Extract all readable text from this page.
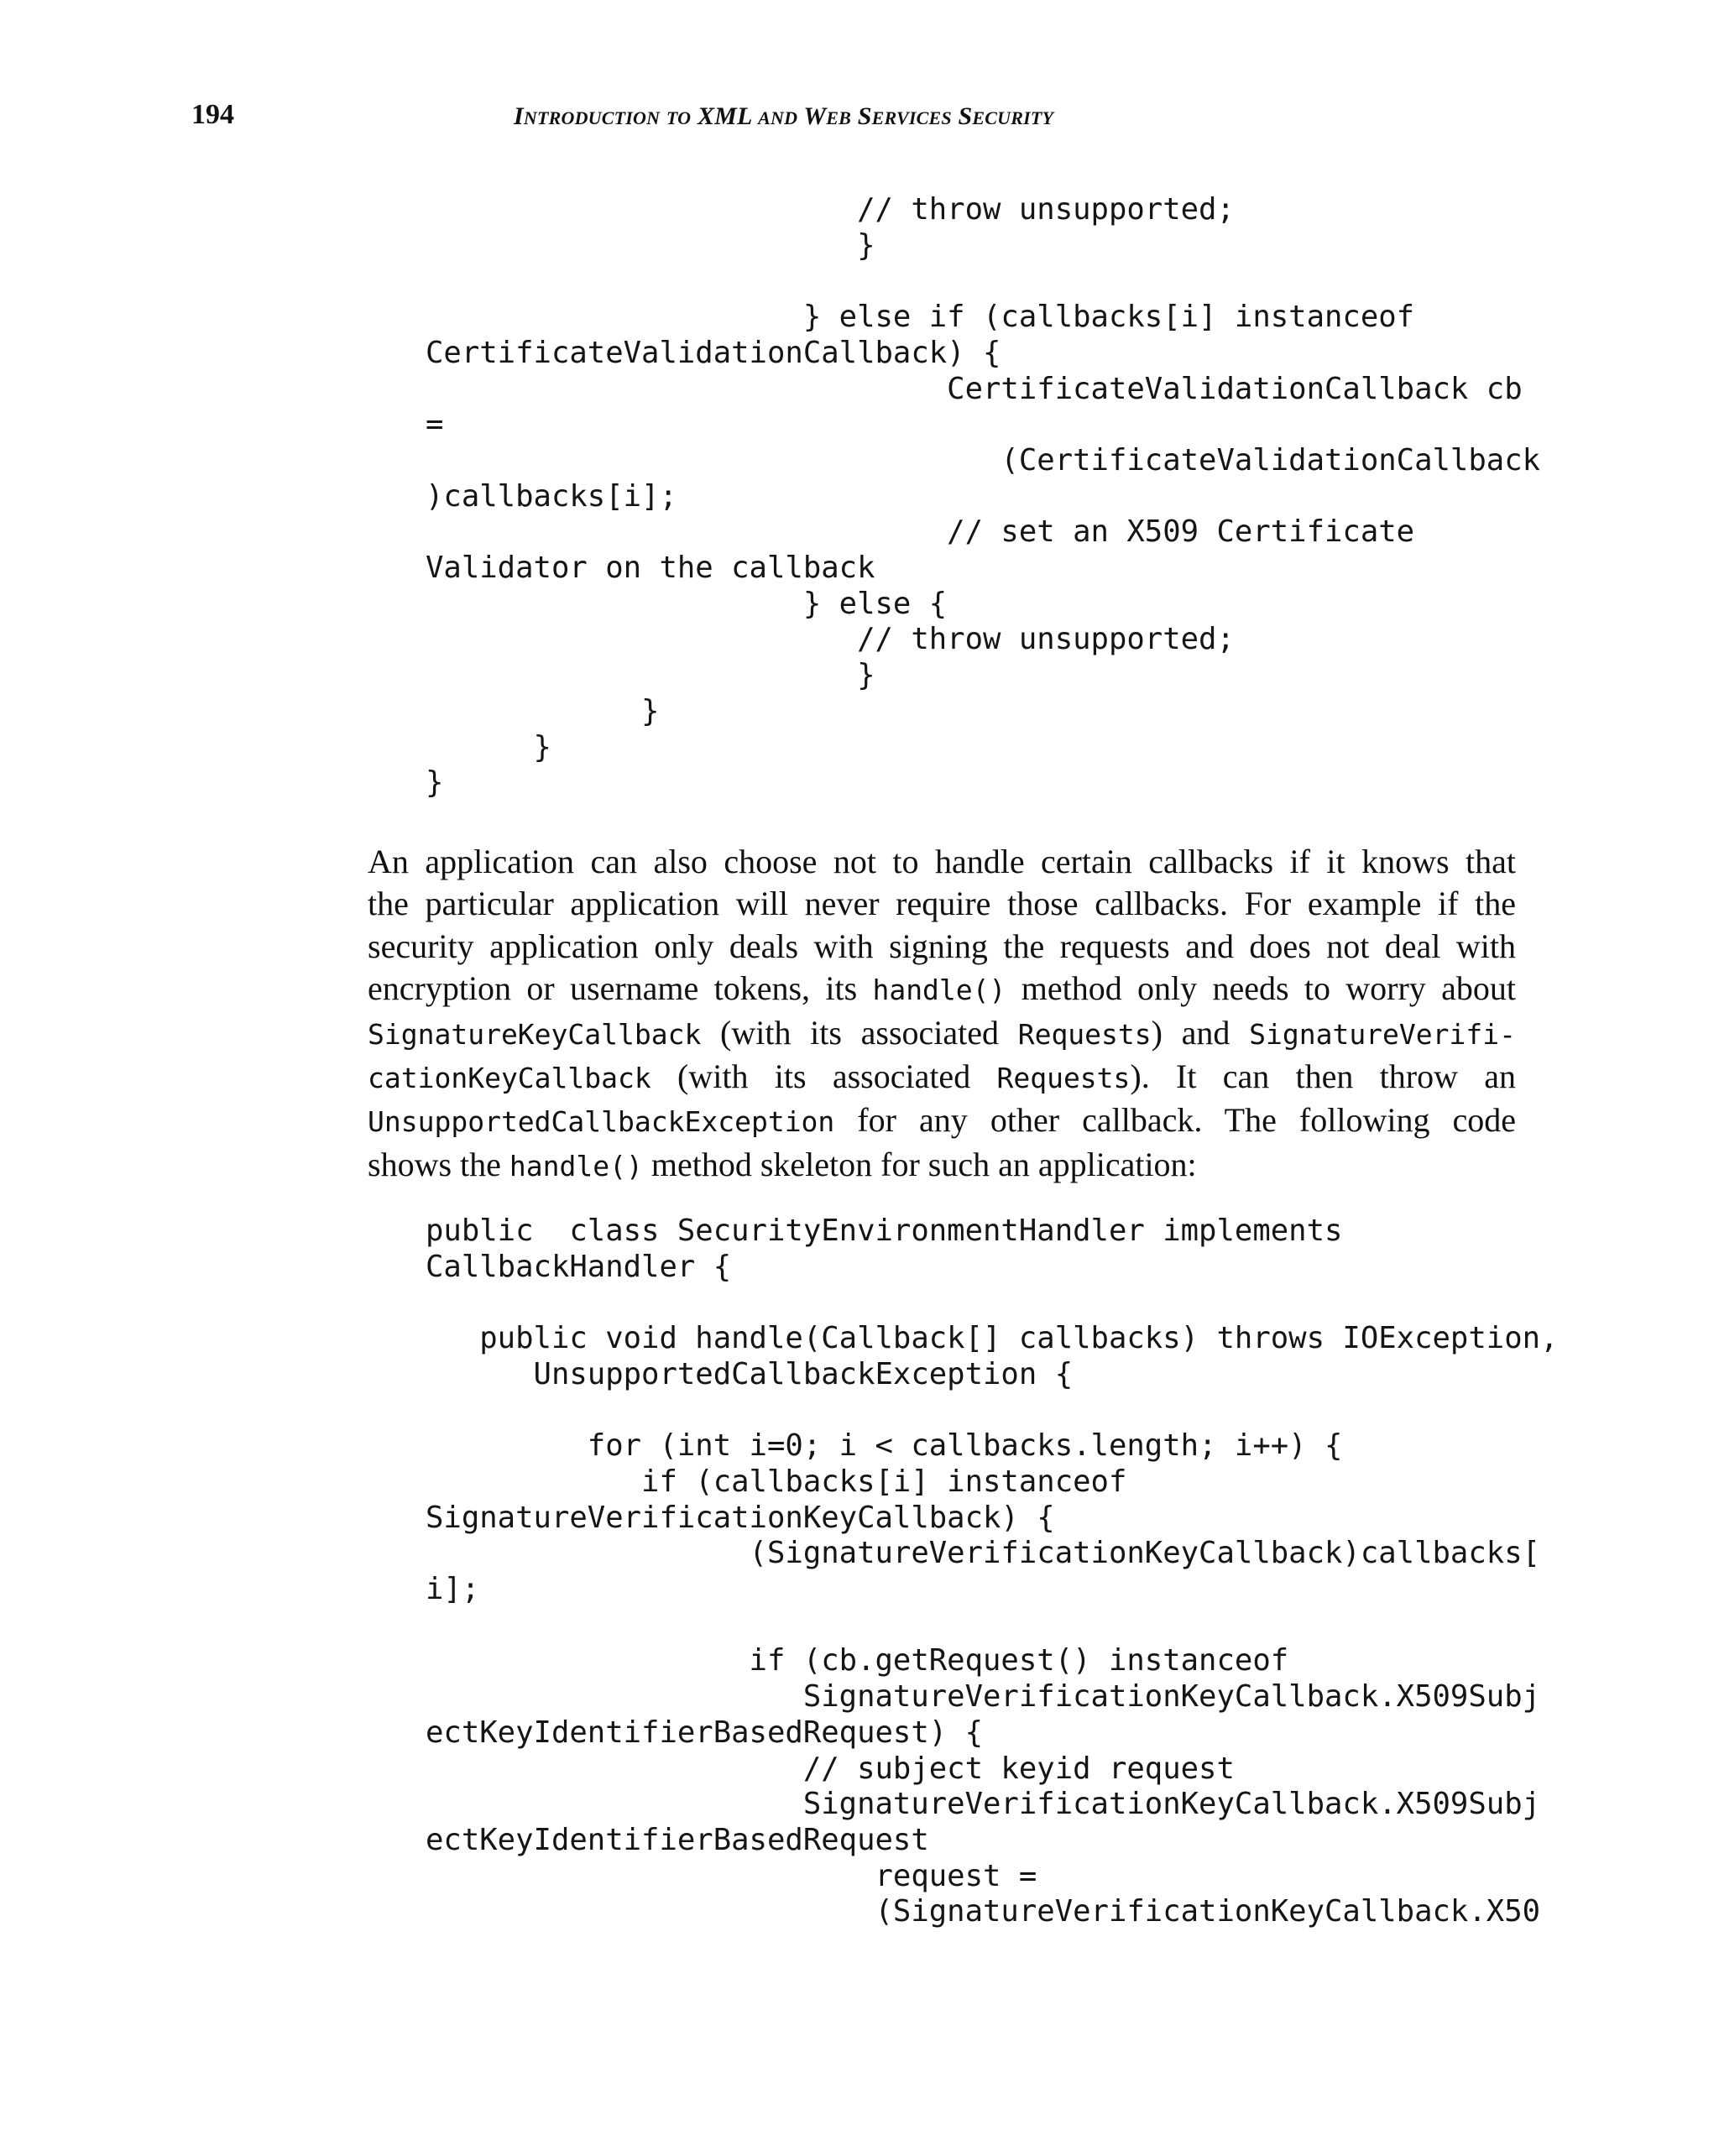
194	INTRODUCTION TO XML AND WEB SERVICES SECURITY
// throw unsupported;
}

} else if (callbacks[i] instanceof
CertificateValidationCallback) {
CertificateValidationCallback cb
=
(CertificateValidationCallback
)callbacks[i];
// set an X509 Certificate
Validator on the callback
} else {
// throw unsupported;
}
}
}
}
An application can also choose not to handle certain callbacks if it knows that
the particular application will never require those callbacks. For example if the
security application only deals with signing the requests and does not deal with
encryption or username tokens, its handle() method only needs to worry about
SignatureKeyCallback (with its associated Requests) and SignatureVerifi-
cationKeyCallback (with its associated Requests). It can then throw an
UnsupportedCallbackException for any other callback. The following code
shows the handle() method skeleton for such an application:
public  class SecurityEnvironmentHandler implements
CallbackHandler {

public void handle(Callback[] callbacks) throws IOException,
UnsupportedCallbackException {

for (int i=0; i < callbacks.length; i++) {
if (callbacks[i] instanceof
SignatureVerificationKeyCallback) {
(SignatureVerificationKeyCallback)callbacks[
i];

if (cb.getRequest() instanceof
SignatureVerificationKeyCallback.X509Subj
ectKeyIdentifierBasedRequest) {
// subject keyid request
SignatureVerificationKeyCallback.X509Subj
ectKeyIdentifierBasedRequest
request =
(SignatureVerificationKeyCallback.X50
